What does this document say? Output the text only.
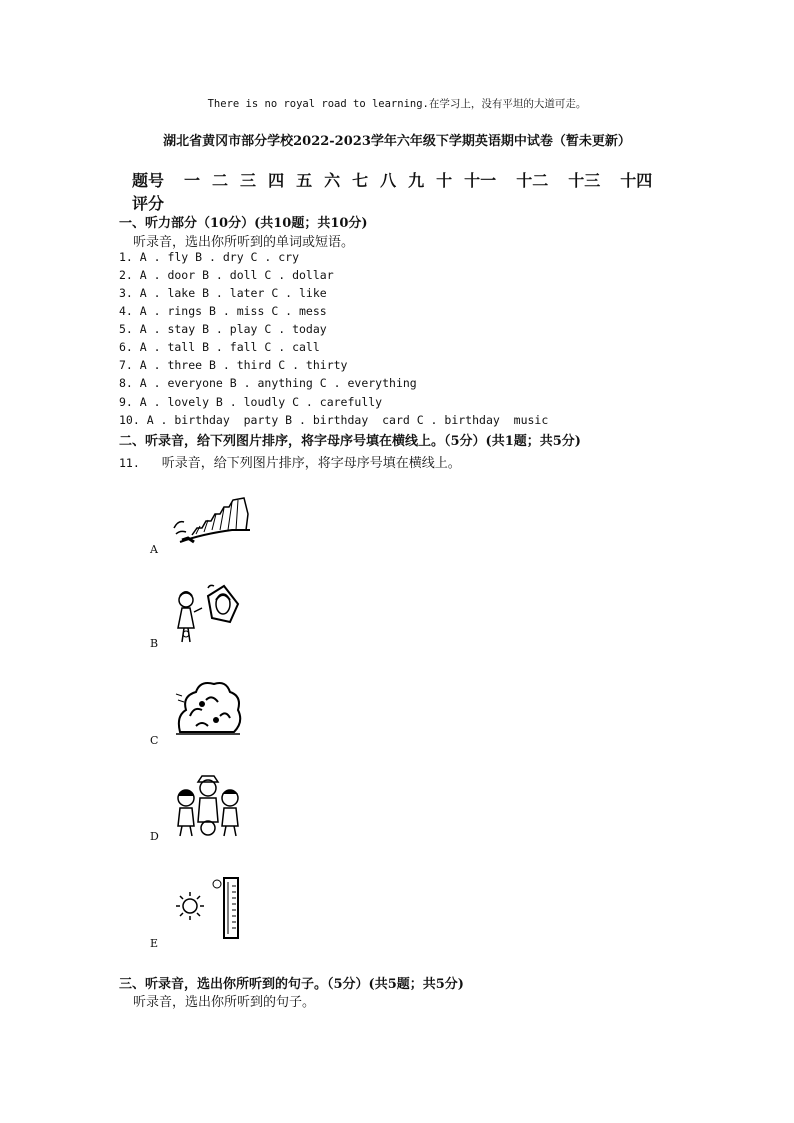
There is no royal road to learning.在学习上，没有平坦的大道可走。
湖北省黄冈市部分学校2022-2023学年六年级下学期英语期中试卷（暂未更新）
题号 一 二 三 四 五 六 七 八 九 十 十一 十二 十三 十四
评分
一、听力部分（10分）(共10题；共10分)
听录音，选出你所听到的单词或短语。
1. A . fly B . dry C . cry
2. A . door B . doll C . dollar
3. A . lake B . later C . like
4. A . rings B . miss C . mess
5. A . stay B . play C . today
6. A . tall B . fall C . call
7. A . three B . third C . thirty
8. A . everyone B . anything C . everything
9. A . lovely B . loudly C . carefully
10. A . birthday  party B . birthday  card C . birthday  music
二、听录音，给下列图片排序，将字母序号填在横线上。（5分）(共1题；共5分)
11. 听录音，给下列图片排序，将字母序号填在横线上。
A
B
C
D
E
三、听录音，选出你所听到的句子。（5分）(共5题；共5分)
听录音，选出你所听到的句子。
